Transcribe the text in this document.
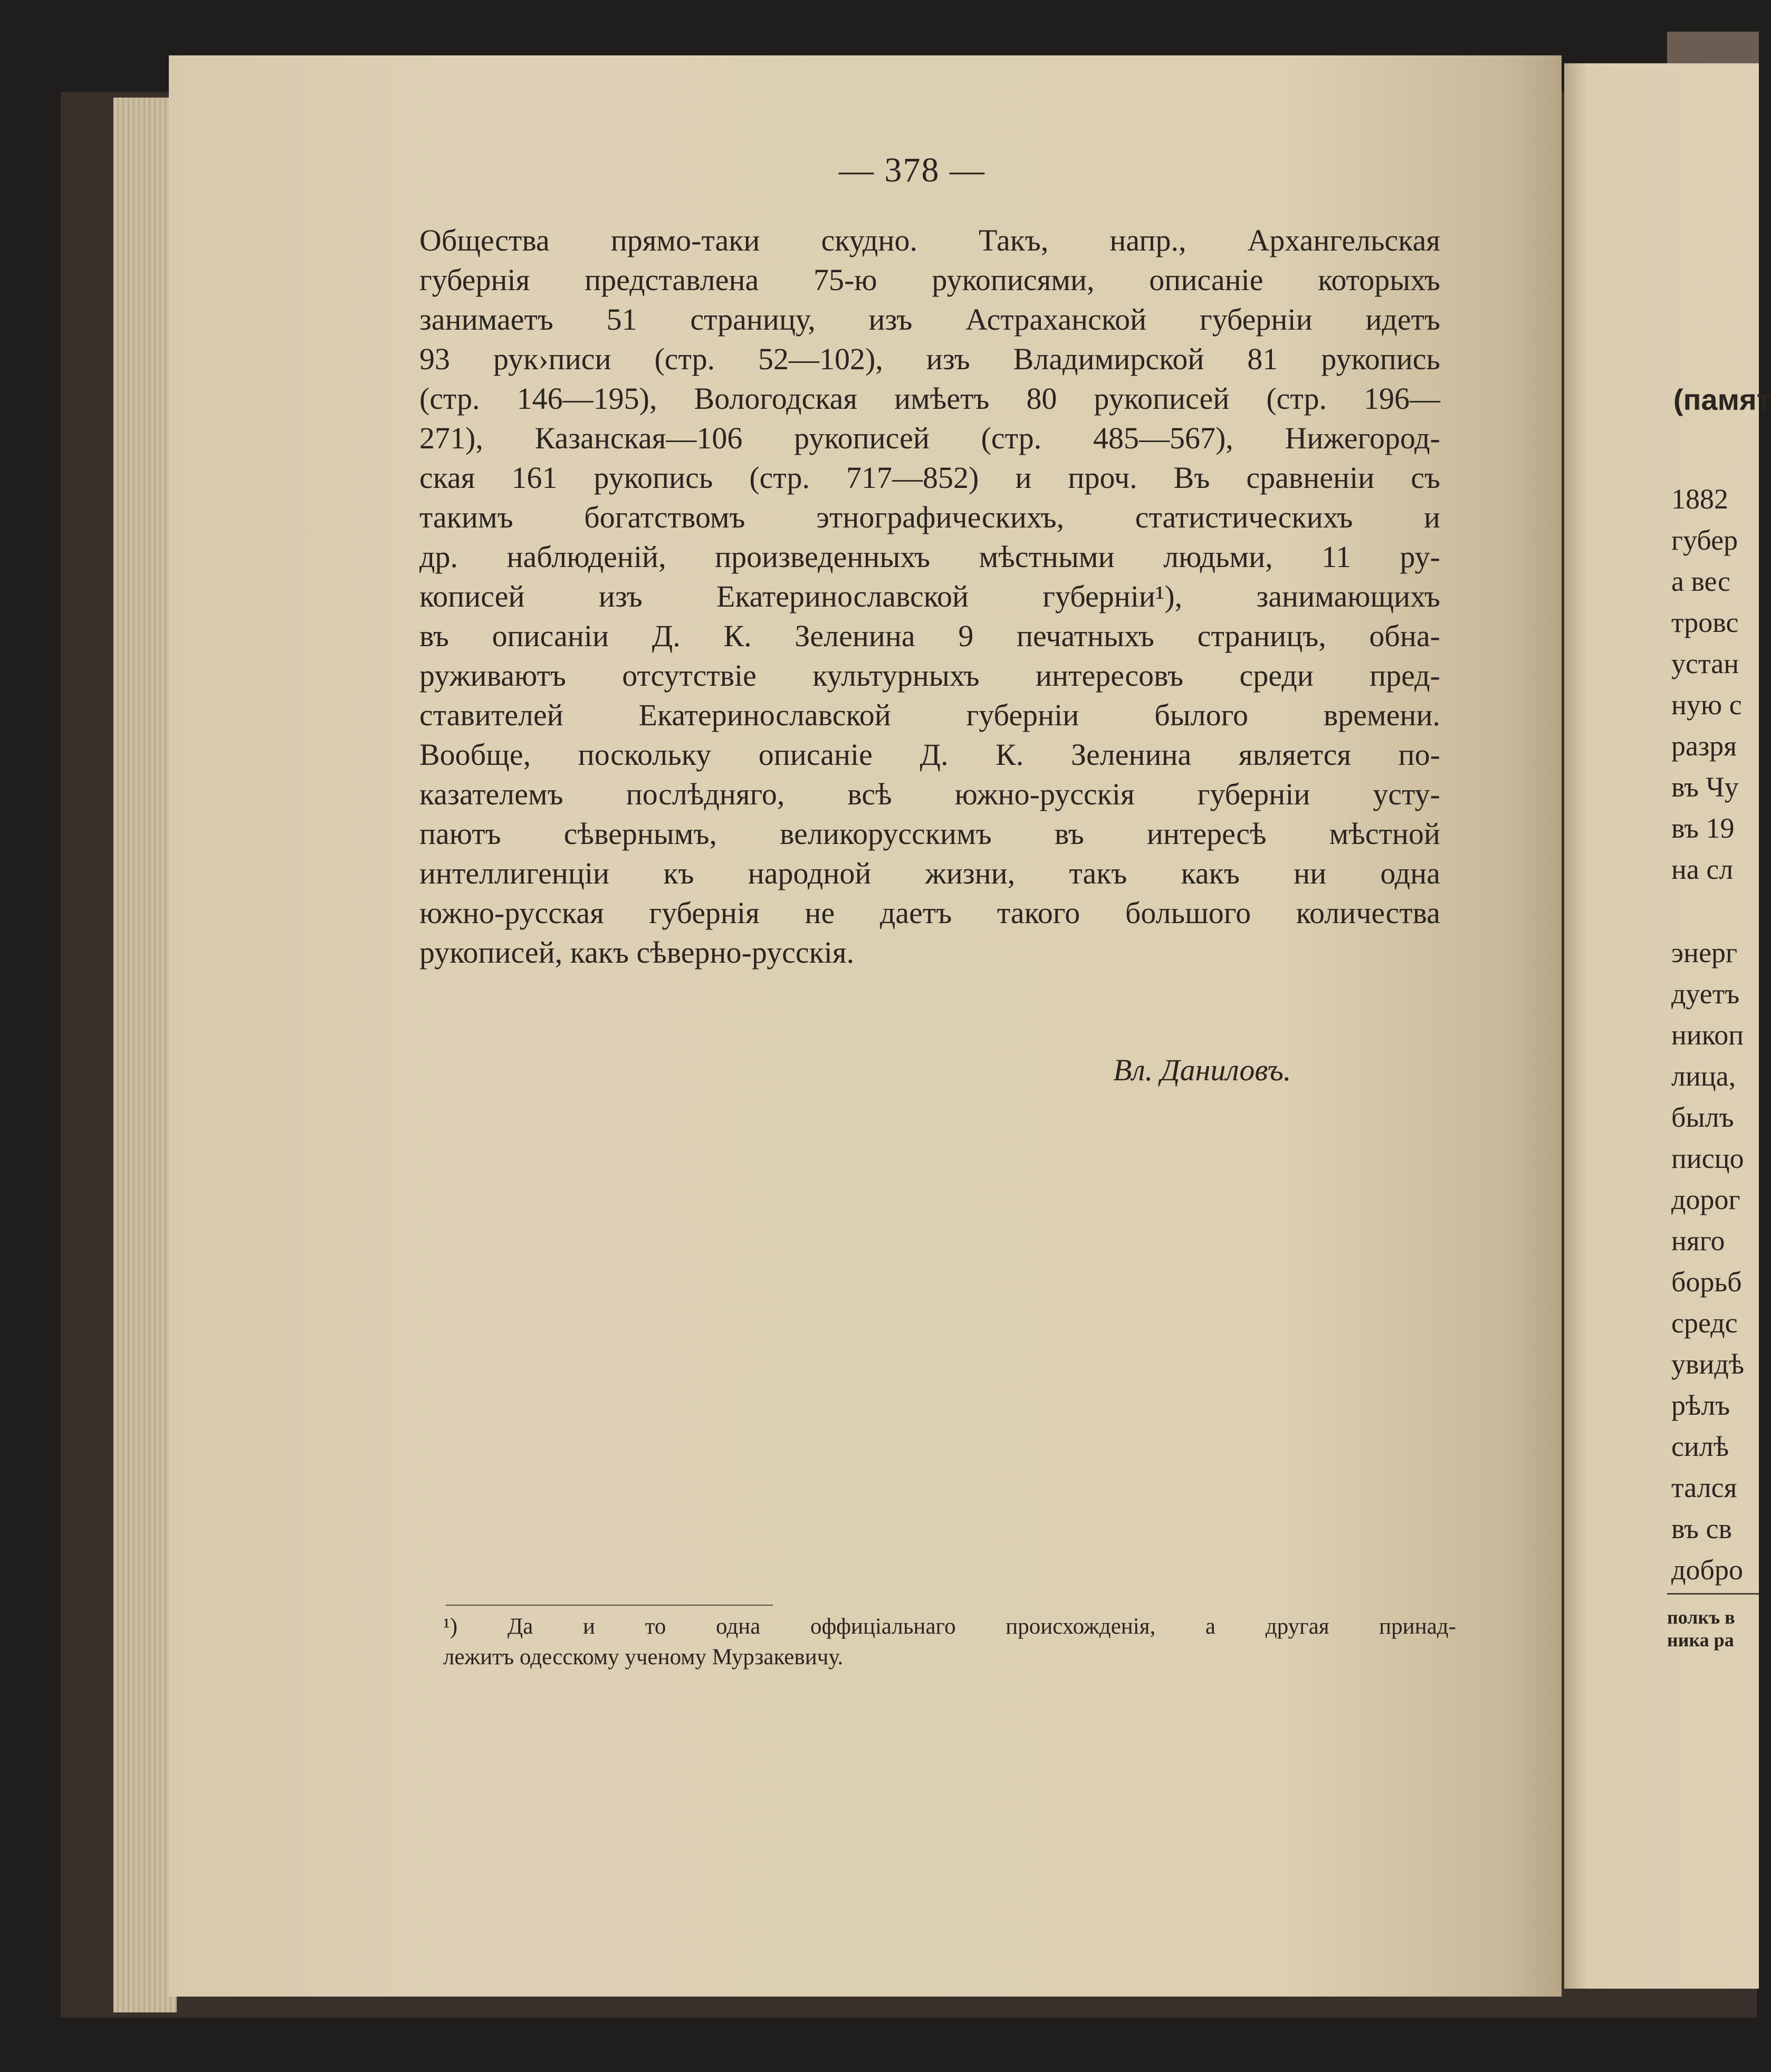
— 378 —
Общества прямо-таки скудно. Такъ, напр., Архангельская
губернія представлена 75-ю рукописями, описаніе которыхъ
занимаетъ 51 страницу, изъ Астраханской губерніи идетъ
93 рук›писи (стр. 52—102), изъ Владимирской 81 рукопись
(стр. 146—195), Вологодская имѣетъ 80 рукописей (стр. 196—
271), Казанская—106 рукописей (стр. 485—567), Нижегород-
ская 161 рукопись (стр. 717—852) и проч. Въ сравненіи съ
такимъ богатствомъ этнографическихъ, статистическихъ и
др. наблюденій, произведенныхъ мѣстными людьми, 11 ру-
кописей изъ Екатеринославской губерніи¹), занимающихъ
въ описаніи Д. К. Зеленина 9 печатныхъ страницъ, обна-
руживаютъ отсутствіе культурныхъ интересовъ среди пред-
ставителей Екатеринославской губерніи былого времени.
Вообще, поскольку описаніе Д. К. Зеленина является по-
казателемъ послѣдняго, всѣ южно-русскія губерніи усту-
паютъ сѣвернымъ, великорусскимъ въ интересѣ мѣстной
интеллигенціи къ народной жизни, такъ какъ ни одна
южно-русская губернія не даетъ такого большого количества
рукописей, какъ сѣверно-русскія.
Вл. Даниловъ.
¹) Да и то одна оффиціальнаго происхожденія, а другая принад-
лежитъ одесскому ученому Мурзакевичу.
(памят
1882
губер
а вес
тровс
устан
ную с
разря
въ Чу
въ 19
на сл
энерг
дуетъ
никоп
лица,
былъ
писцо
дорог
няго
борьб
средс
увидѣ
рѣлъ
силѣ
тался
въ св
добро
полкъ в
ника ра
